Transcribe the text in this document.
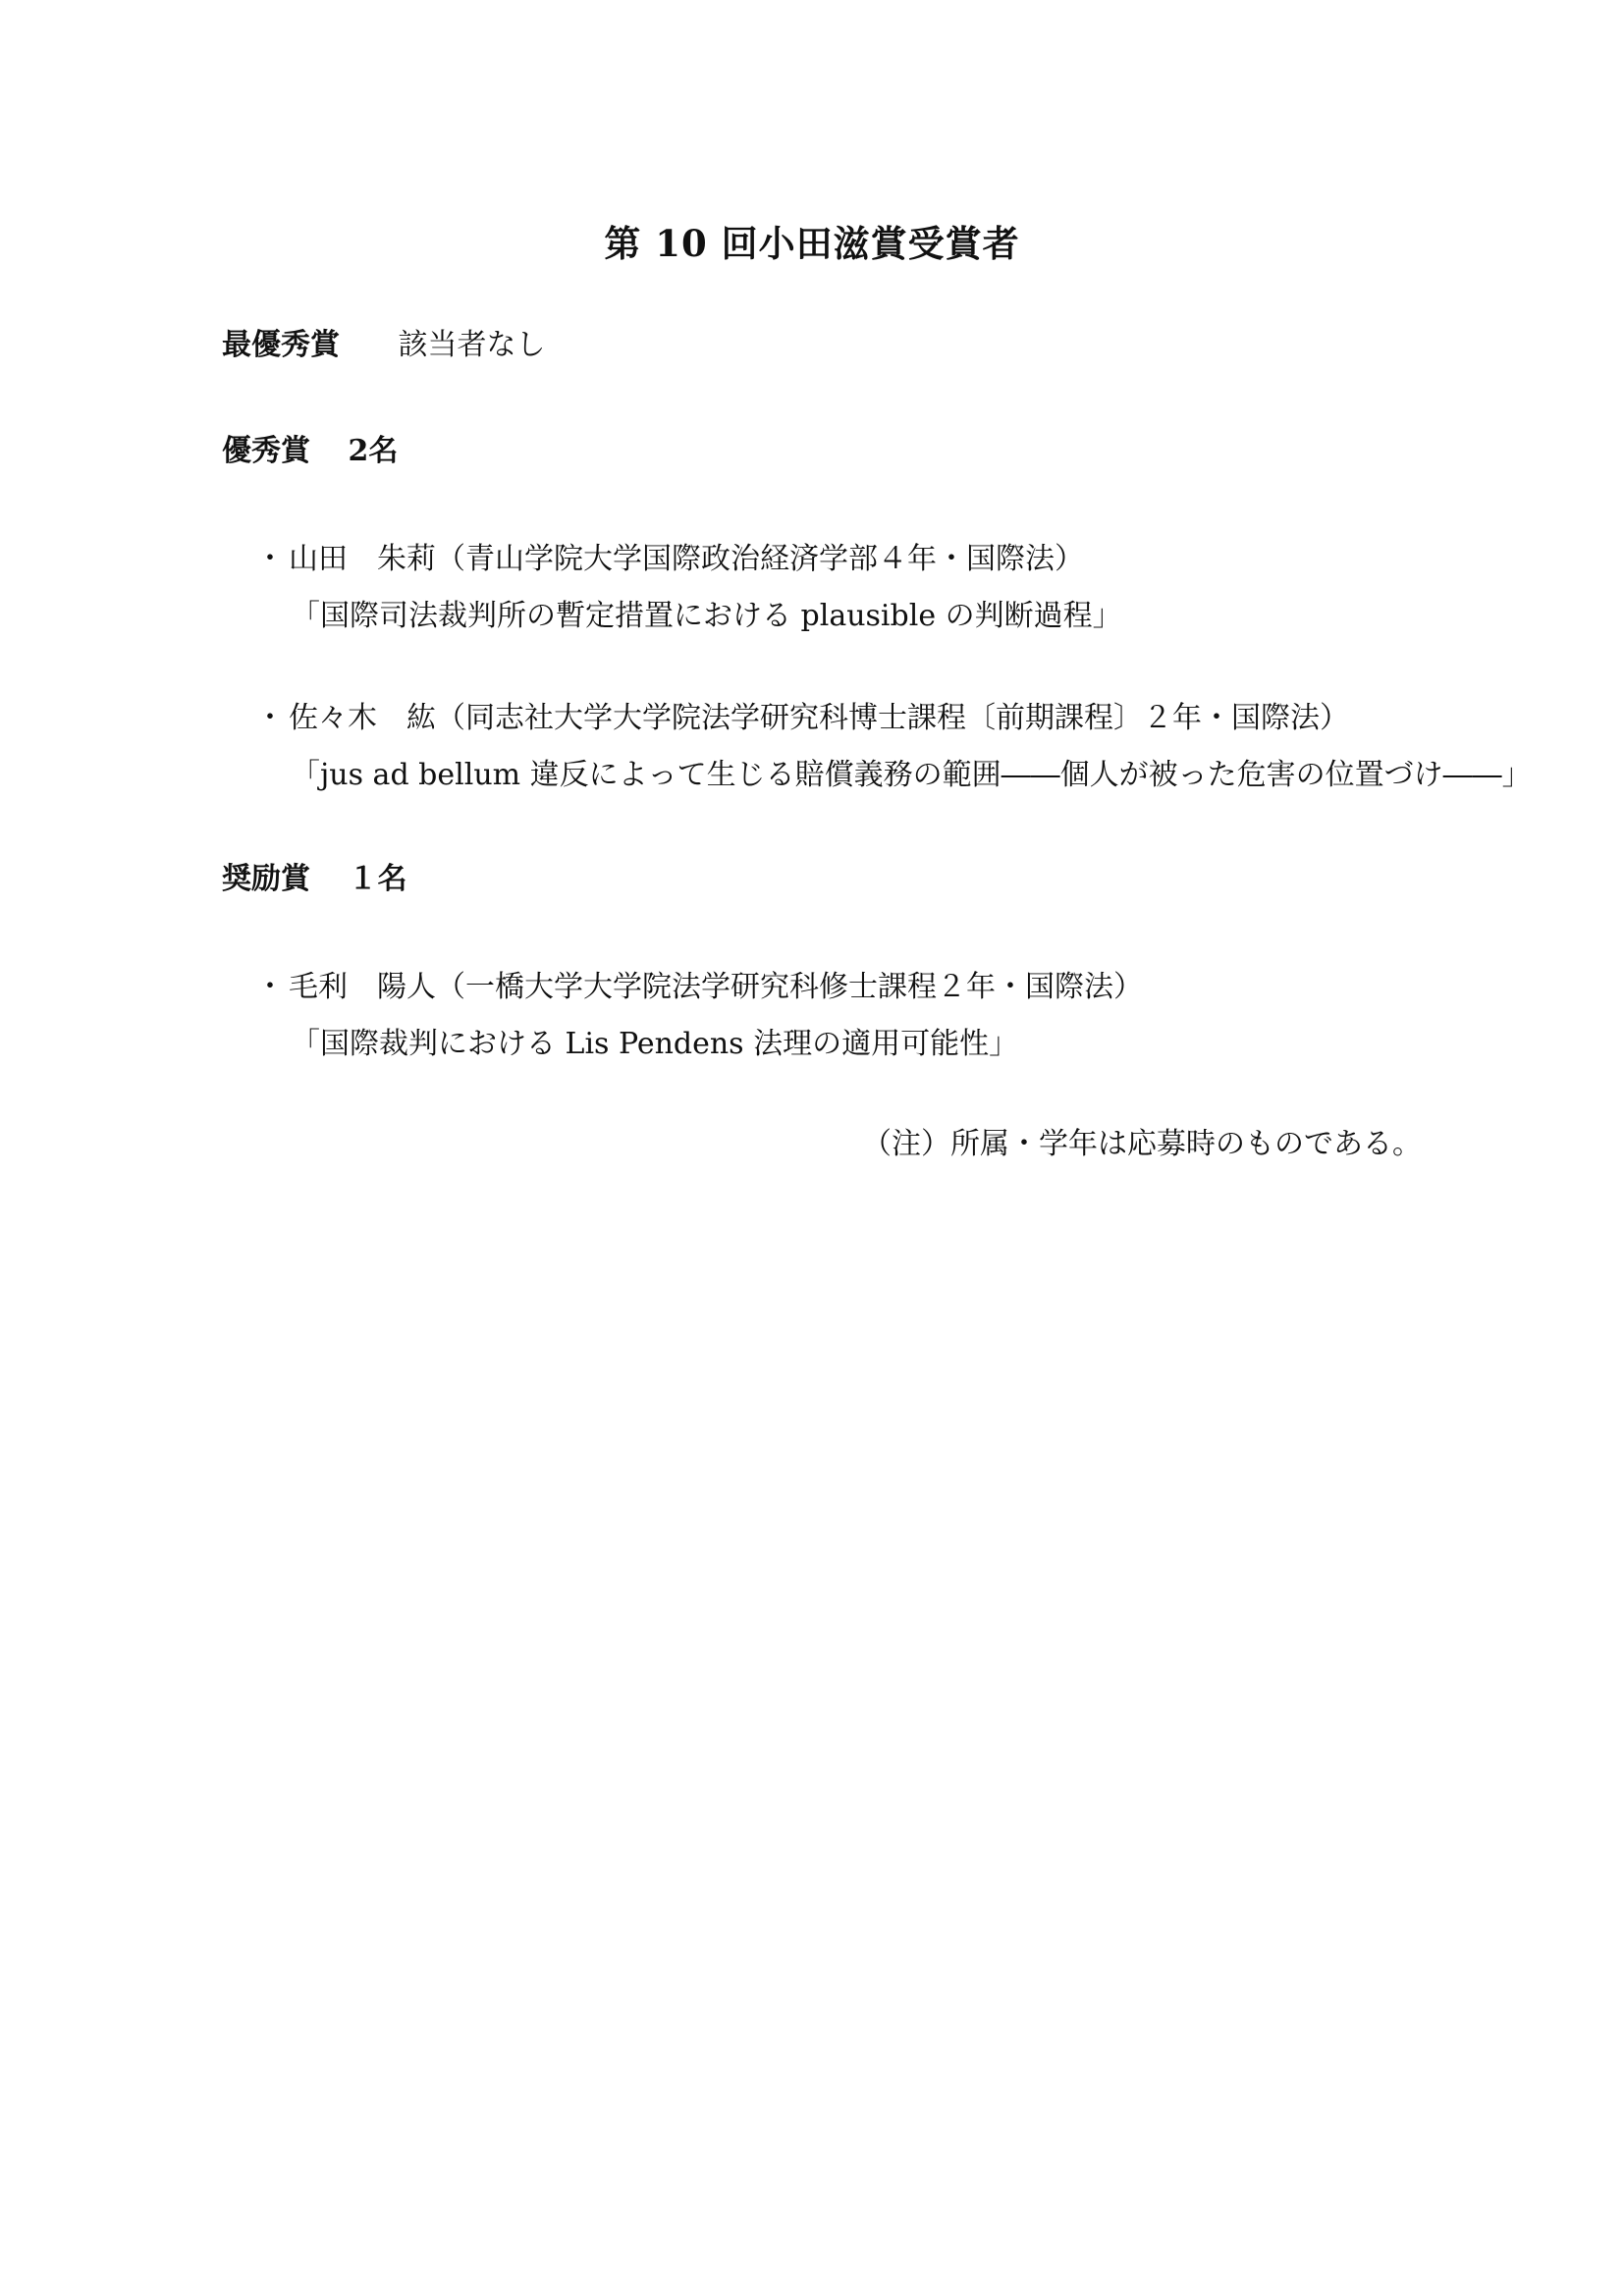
第 10 回小田滋賞受賞者
最優秀賞 該当者なし
優秀賞 2名
・ 山田　朱莉（青山学院大学国際政治経済学部４年・国際法）
「国際司法裁判所の暫定措置における plausible の判断過程」
・ 佐々木　紘（同志社大学大学院法学研究科博士課程〔前期課程〕２年・国際法）
「jus ad bellum 違反によって生じる賠償義務の範囲――個人が被った危害の位置づけ――」
奨励賞 １名
・ 毛利　陽人（一橋大学大学院法学研究科修士課程２年・国際法）
「国際裁判における Lis Pendens 法理の適用可能性」
（注）所属・学年は応募時のものである。
